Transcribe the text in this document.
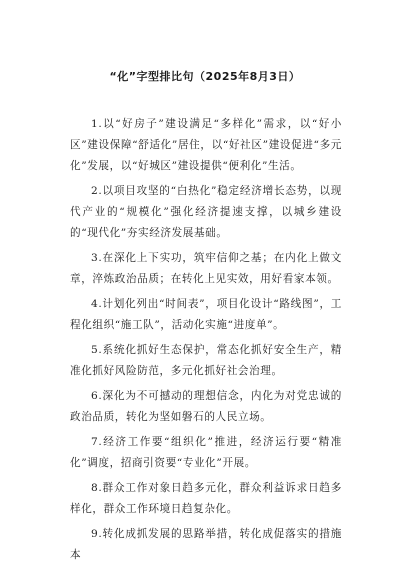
“化”字型排比句（2025年8月3日）

1.以“好房子”建设满足“多样化”需求，以“好小区”建设保障“舒适化”居住，以“好社区”建设促进“多元化”发展，以“好城区”建设提供“便利化”生活。

2.以项目攻坚的“白热化”稳定经济增长态势，以现代产业的“规模化”强化经济提速支撑，以城乡建设的“现代化”夯实经济发展基础。

3.在深化上下实功，筑牢信仰之基；在内化上做文章，淬炼政治品质；在转化上见实效，用好看家本领。

4.计划化列出“时间表”，项目化设计“路线图”，工程化组织“施工队”，活动化实施“进度单”。

5.系统化抓好生态保护，常态化抓好安全生产，精准化抓好风险防范，多元化抓好社会治理。

6.深化为不可撼动的理想信念，内化为对党忠诚的政治品质，转化为坚如磐石的人民立场。

7.经济工作要“组织化”推进，经济运行要“精准化”调度，招商引资要“专业化”开展。

8.群众工作对象日趋多元化，群众利益诉求日趋多样化，群众工作环境日趋复杂化。

9.转化成抓发展的思路举措，转化成促落实的措施本
